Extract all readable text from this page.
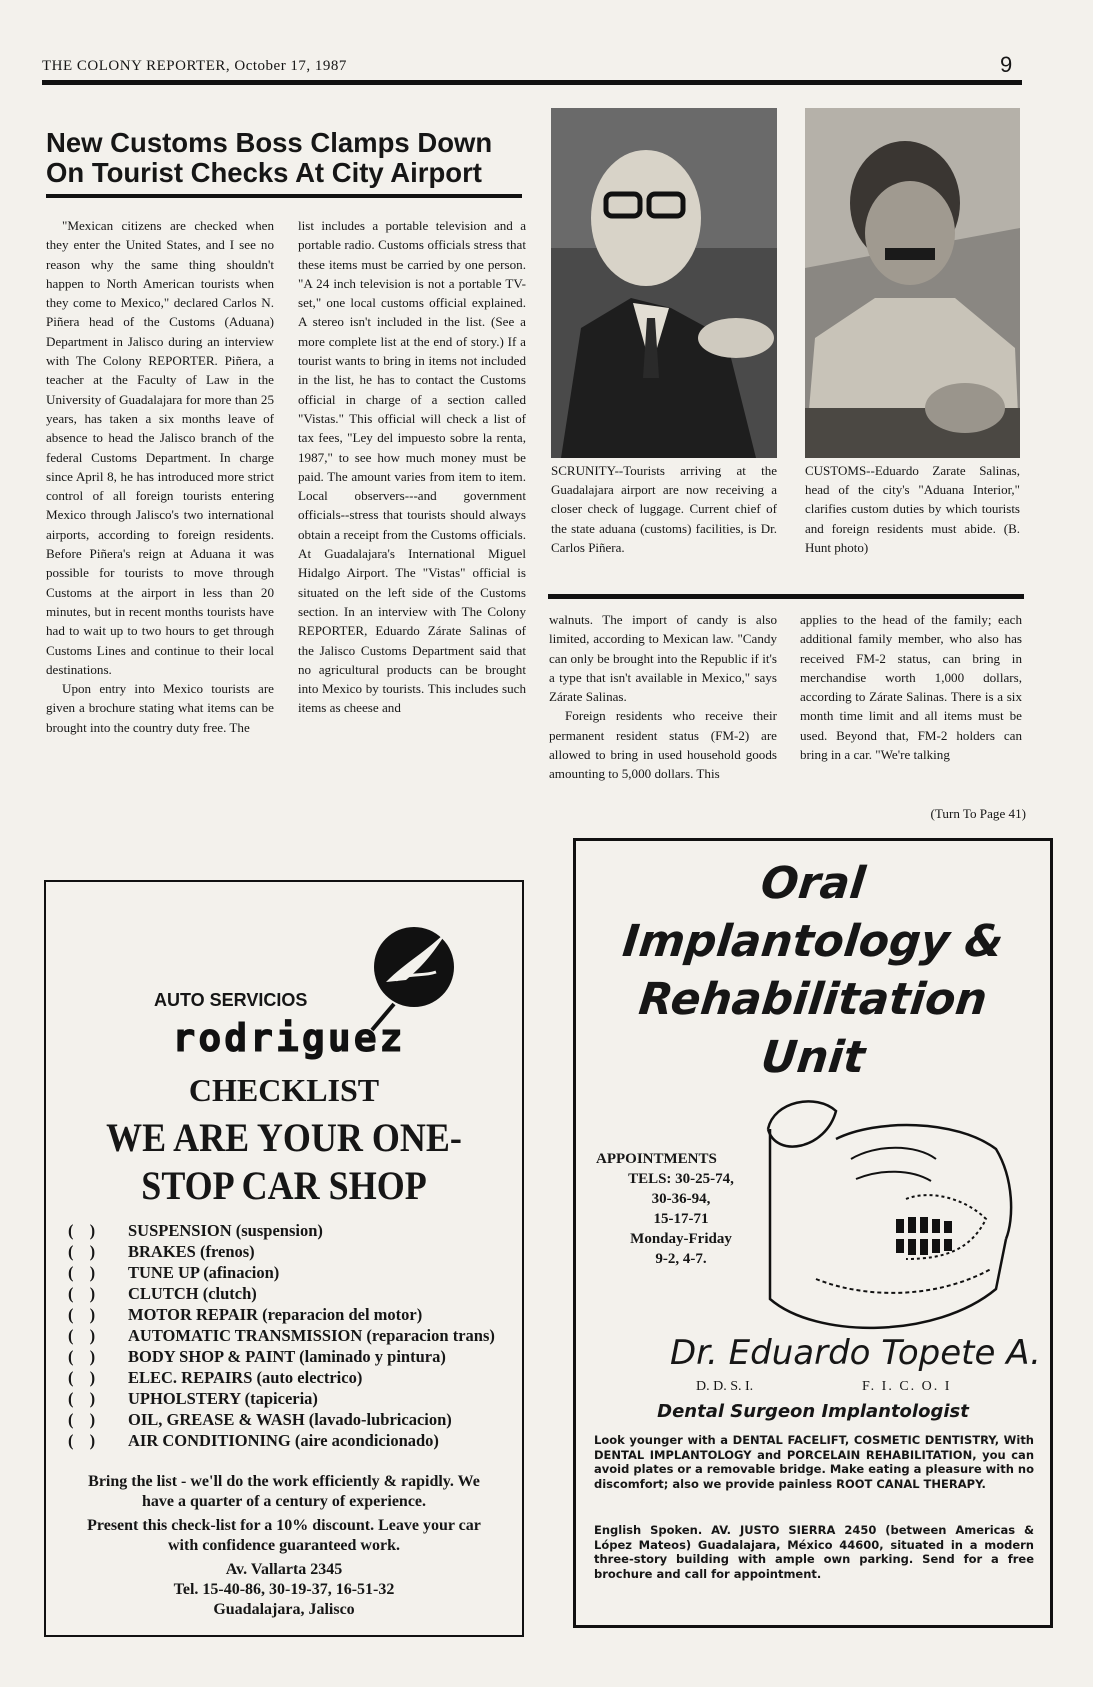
THE COLONY REPORTER, October 17, 1987	9
New Customs Boss Clamps Down On Tourist Checks At City Airport

"Mexican citizens are checked when they enter the United States, and I see no reason why the same thing shouldn't happen to North American tourists when they come to Mexico," declared Carlos N. Piñera head of the Customs (Aduana) Department in Jalisco during an interview with The Colony REPORTER. Piñera, a teacher at the Faculty of Law in the University of Guadalajara for more than 25 years, has taken a six months leave of absence to head the Jalisco branch of the federal Customs Department. In charge since April 8, he has introduced more strict control of all foreign tourists entering Mexico through Jalisco's two international airports, according to foreign residents. Before Piñera's reign at Aduana it was possible for tourists to move through Customs at the airport in less than 20 minutes, but in recent months tourists have had to wait up to two hours to get through Customs Lines and continue to their local destinations.

Upon entry into Mexico tourists are given a brochure stating what items can be brought into the country duty free. The

list includes a portable television and a portable radio. Customs officials stress that these items must be carried by one person. "A 24 inch television is not a portable TV-set," one local customs official explained. A stereo isn't included in the list. (See a more complete list at the end of story.) If a tourist wants to bring in items not included in the list, he has to contact the Customs official in charge of a section called "Vistas." This official will check a list of tax fees, "Ley del impuesto sobre la renta, 1987," to see how much money must be paid. The amount varies from item to item. Local observers---and government officials--stress that tourists should always obtain a receipt from the Customs officials. At Guadalajara's International Miguel Hidalgo Airport. The "Vistas" official is situated on the left side of the Customs section. In an interview with The Colony REPORTER, Eduardo Zárate Salinas of the Jalisco Customs Department said that no agricultural products can be brought into Mexico by tourists. This includes such items as cheese and

SCRUNITY--Tourists arriving at the Guadalajara airport are now receiving a closer check of luggage. Current chief of the state aduana (customs) facilities, is Dr. Carlos Piñera.
CUSTOMS--Eduardo Zarate Salinas, head of the city's "Aduana Interior," clarifies custom duties by which tourists and foreign residents must abide. (B. Hunt photo)

walnuts. The import of candy is also limited, according to Mexican law. "Candy can only be brought into the Republic if it's a type that isn't available in Mexico," says Zárate Salinas.

Foreign residents who receive their permanent resident status (FM-2) are allowed to bring in used household goods amounting to 5,000 dollars. This

applies to the head of the family; each additional family member, who also has received FM-2 status, can bring in merchandise worth 1,000 dollars, according to Zárate Salinas. There is a six month time limit and all items must be used. Beyond that, FM-2 holders can bring in a car. "We're talking

(Turn To Page 41)
AUTO SERVICIOS
rodriguez
CHECKLIST
WE ARE YOUR ONE-STOP CAR SHOP
( )	SUSPENSION (suspension)
( )	BRAKES (frenos)
( )	TUNE UP (afinacion)
( )	CLUTCH (clutch)
( )	MOTOR REPAIR (reparacion del motor)
( )	AUTOMATIC TRANSMISSION (reparacion trans)
( )	BODY SHOP & PAINT (laminado y pintura)
( )	ELEC. REPAIRS (auto electrico)
( )	UPHOLSTERY (tapiceria)
( )	OIL, GREASE & WASH (lavado-lubricacion)
( )	AIR CONDITIONING (aire acondicionado)
Bring the list - we'll do the work efficiently & rapidly. We have a quarter of a century of experience.
Present this check-list for a 10% discount. Leave your car with confidence guaranteed work.
Av. Vallarta 2345
Tel. 15-40-86, 30-19-37, 16-51-32
Guadalajara, Jalisco
Oral
Implantology &
Rehabilitation
Unit
APPOINTMENTS
TELS: 30-25-74,
30-36-94,
15-17-71
Monday-Friday
9-2, 4-7.
Dr. Eduardo Topete A.
D. D. S. I.	F. I. C. O. I
Dental Surgeon Implantologist
Look younger with a DENTAL FACELIFT, COSMETIC DENTISTRY, With DENTAL IMPLANTOLOGY and PORCELAIN REHABILITATION, you can avoid plates or a removable bridge. Make eating a pleasure with no discomfort; also we provide painless ROOT CANAL THERAPY.
English Spoken. AV. JUSTO SIERRA 2450 (between Americas & López Mateos) Guadalajara, México 44600, situated in a modern three-story building with ample own parking. Send for a free brochure and call for appointment.
